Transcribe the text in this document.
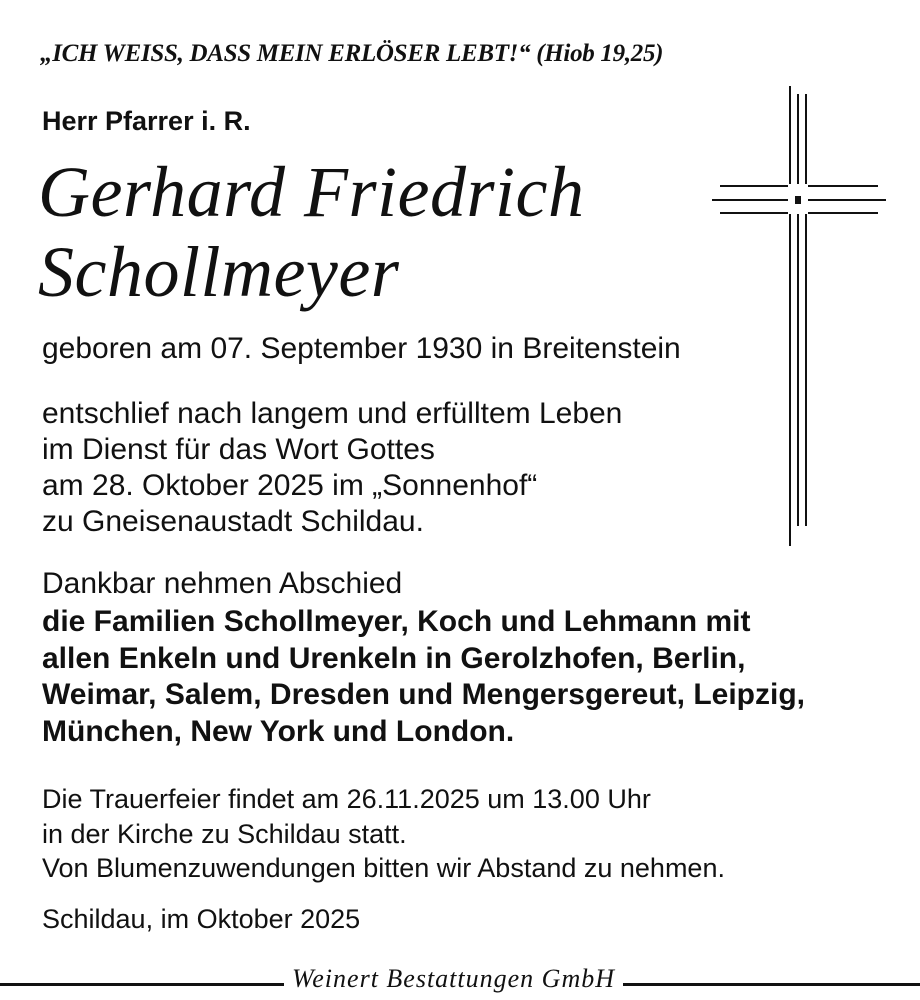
„ICH WEISS, DASS MEIN ERLÖSER LEBT!“ (Hiob 19,25)
Herr Pfarrer i. R.
Gerhard Friedrich
Schollmeyer
geboren am 07. September 1930 in Breitenstein
entschlief nach langem und erfülltem Leben
im Dienst für das Wort Gottes
am 28. Oktober 2025 im „Sonnenhof“
zu Gneisenaustadt Schildau.
Dankbar nehmen Abschied
die Familien Schollmeyer, Koch und Lehmann mit
allen Enkeln und Urenkeln in Gerolzhofen, Berlin,
Weimar, Salem, Dresden und Mengersgereut, Leipzig,
München, New York und London.
Die Trauerfeier findet am 26.11.2025 um 13.00 Uhr
in der Kirche zu Schildau statt.
Von Blumenzuwendungen bitten wir Abstand zu nehmen.
Schildau, im Oktober 2025
Weinert Bestattungen GmbH
